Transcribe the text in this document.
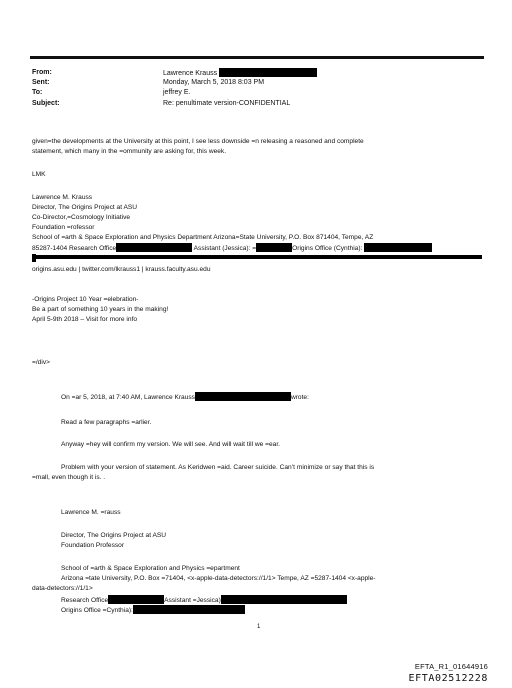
From:	Lawrence Krauss
Sent:	Monday, March 5, 2018 8:03 PM
To:	jeffrey E.
Subject:	Re: penultimate version-CONFIDENTIAL
given=the developments at the University at this point, I see less downside =n releasing a reasoned and complete
statement, which many in the =ommunity are asking for, this week.
LMK
Lawrence M. Krauss
Director, The Origins Project at ASU
Co-Director,=Cosmology Initiative
Foundation =rofessor
School of =arth & Space Exploration and Physics Department Arizona=State University, P.O. Box 871404, Tempe, AZ
85287-1404 Research Office	Assistant (Jessica): =	Origins Office (Cynthia):
origins.asu.edu | twitter.com/lkrauss1 | krauss.faculty.asu.edu
-Origins Project 10 Year =elebration-
Be a part of something 10 years in the making!
April 5-9th 2018 – Visit for more info
=/div>
On =ar 5, 2018, at 7:40 AM, Lawrence Krauss	wrote:
Read a few paragraphs =arlier.
Anyway =hey will confirm my version. We will see. And will wait till we =ear.
Problem with your version of statement. As Keridwen =aid. Career suicide. Can’t minimize or say that this is
=mall, even though it is. .
Lawrence M. =rauss
Director, The Origins Project at ASU
Foundation Professor
School of =arth & Space Exploration and Physics =epartment
Arizona =tate University, P.O. Box =71404, <x-apple-data-detectors://1/1> Tempe, AZ =5287-1404 <x-apple-
data-detectors://1/1>
Research Office	Assistant =Jessica)
Origins Office =Cynthia):
1
EFTA_R1_01644916
EFTA02512228
